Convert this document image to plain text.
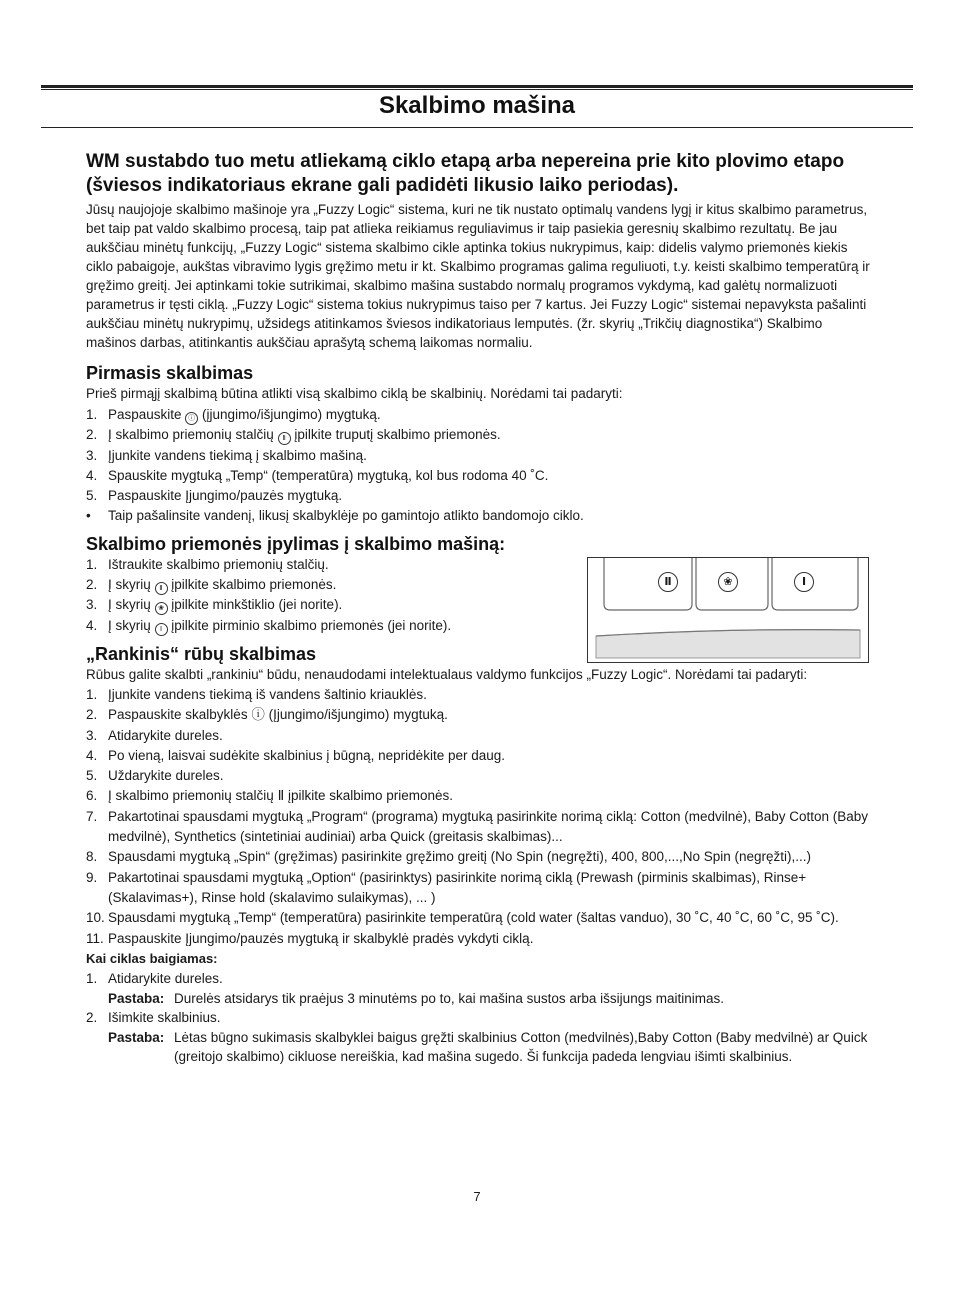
Skalbimo mašina
WM sustabdo tuo metu atliekamą ciklo etapą arba nepereina prie kito plovimo etapo (šviesos indikatoriaus ekrane gali padidėti likusio laiko periodas).

Jūsų naujojoje skalbimo mašinoje yra „Fuzzy Logic“ sistema, kuri ne tik nustato optimalų vandens lygį ir kitus skalbimo parametrus, bet taip pat valdo skalbimo procesą, taip pat atlieka reikiamus reguliavimus ir taip pasiekia geresnių skalbimo rezultatų. Be jau aukščiau minėtų funkcijų, „Fuzzy Logic“ sistema skalbimo cikle aptinka tokius nukrypimus, kaip: didelis valymo priemonės kiekis ciklo pabaigoje, aukštas vibravimo lygis gręžimo metu ir kt. Skalbimo programas galima reguliuoti, t.y. keisti skalbimo temperatūrą ir gręžimo greitį. Jei aptinkami tokie sutrikimai, skalbimo mašina sustabdo normalų programos vykdymą, kad galėtų normalizuoti parametrus ir tęsti ciklą. „Fuzzy Logic“ sistema tokius nukrypimus taiso per 7 kartus. Jei Fuzzy Logic“ sistemai nepavyksta pašalinti aukščiau minėtų nukrypimų, užsidegs atitinkamos šviesos indikatoriaus lemputės. (žr. skyrių „Trikčių diagnostika“) Skalbimo mašinos darbas, atitinkantis aukščiau aprašytą schemą laikomas normaliu.

Pirmasis skalbimas

Prieš pirmąjį skalbimą būtina atlikti visą skalbimo ciklą be skalbinių. Norėdami tai padaryti:

1. Paspauskite ⓘ (įjungimo/išjungimo) mygtuką.
2. Į skalbimo priemonių stalčių Ⅱ įpilkite truputį skalbimo priemonės.
3. Įjunkite vandens tiekimą į skalbimo mašiną.
4. Spauskite mygtuką „Temp“ (temperatūra) mygtuką, kol bus rodoma 40 ˚C.
5. Paspauskite Įjungimo/pauzės mygtuką.
• Taip pašalinsite vandenį, likusį skalbyklėje po gamintojo atlikto bandomojo ciklo.
Skalbimo priemonės įpylimas į skalbimo mašiną:
1. Ištraukite skalbimo priemonių stalčių.
2. Į skyrių Ⅱ įpilkite skalbimo priemonės.
3. Į skyrių ❀ įpilkite minkštiklio (jei norite).
4. Į skyrių Ⅰ įpilkite pirminio skalbimo priemonės (jei norite).
„Rankinis“ rūbų skalbimas

Rūbus galite skalbti „rankiniu“ būdu, nenaudodami intelektualaus valdymo funkcijos „Fuzzy Logic“. Norėdami tai padaryti:

1. Įjunkite vandens tiekimą iš vandens šaltinio kriauklės.
2. Paspauskite skalbyklės ⓘ (Įjungimo/išjungimo) mygtuką.
3. Atidarykite dureles.
4. Po vieną, laisvai sudėkite skalbinius į būgną, nepridėkite per daug.
5. Uždarykite dureles.
6. Į skalbimo priemonių stalčių Ⅱ įpilkite skalbimo priemonės.
7. Pakartotinai spausdami mygtuką „Program“ (programa) mygtuką pasirinkite norimą ciklą: Cotton (medvilnė), Baby Cotton (Baby medvilnė), Synthetics (sintetiniai audiniai) arba Quick (greitasis skalbimas)...
8. Spausdami mygtuką „Spin“ (gręžimas) pasirinkite gręžimo greitį (No Spin (negręžti), 400, 800,...,No Spin (negręžti),...)
9. Pakartotinai spausdami mygtuką „Option“ (pasirinktys) pasirinkite norimą ciklą (Prewash (pirminis skalbimas), Rinse+ (Skalavimas+), Rinse hold (skalavimo sulaikymas), ... )
10. Spausdami mygtuką „Temp“ (temperatūra) pasirinkite temperatūrą (cold water (šaltas vanduo), 30 ˚C, 40 ˚C, 60 ˚C, 95 ˚C).
11. Paspauskite Įjungimo/pauzės mygtuką ir skalbyklė pradės vykdyti ciklą.
Kai ciklas baigiamas:
1. Atidarykite dureles.
Pastaba: Durelės atsidarys tik praėjus 3 minutėms po to, kai mašina sustos arba išsijungs maitinimas.
2. Išimkite skalbinius.
Pastaba: Lėtas būgno sukimasis skalbyklei baigus gręžti skalbinius Cotton (medvilnės),Baby Cotton (Baby medvilnė) ar Quick (greitojo skalbimo) cikluose nereiškia, kad mašina sugedo. Ši funkcija padeda lengviau išimti skalbinius.
Ⅱ	❀	Ⅰ
7
